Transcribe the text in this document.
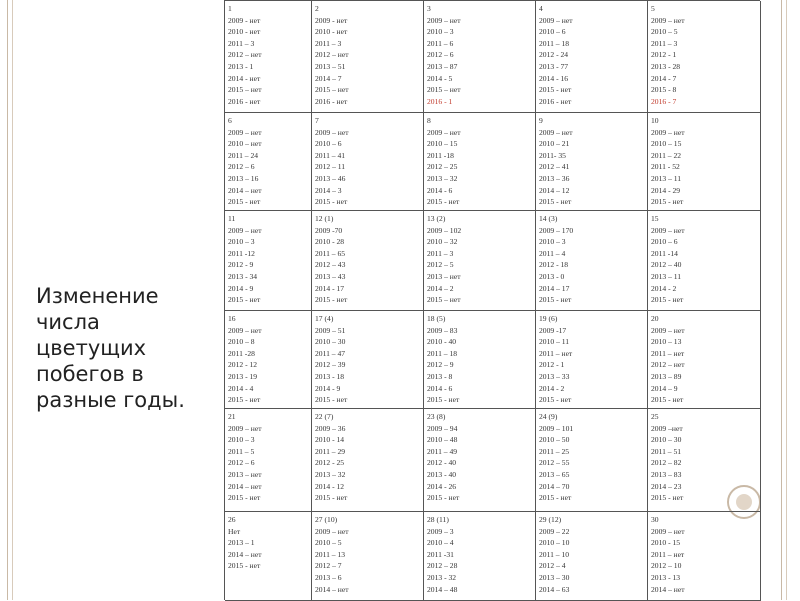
Изменение числа цветущих побегов в разные годы.
1
2009 - нет
2010 - нет
2011 – 3
2012 – нет
2013 - 1
2014 - нет
2015 – нет
2016 - нет
2
2009 - нет
2010 - нет
2011 – 3
2012 – нет
2013 – 51
2014 – 7
2015 – нет
2016 - нет
3
2009 – нет
2010 – 3
2011 – 6
2012 – 6
2013 – 87
2014 - 5
2015 – нет
2016 - 1
4
2009 – нет
2010 – 6
2011 – 18
2012 - 24
2013 - 77
2014 - 16
2015 - нет
2016 - нет
5
2009 – нет
2010 – 5
2011 – 3
2012 - 1
2013 - 28
2014 - 7
2015 - 8
2016 - 7
6
2009 – нет
2010 – нет
2011 – 24
2012 – 6
2013 – 16
2014 – нет
2015 - нет
7
2009 – нет
2010 – 6
2011 – 41
2012 – 11
2013 – 46
2014 – 3
2015 - нет
8
2009 – нет
2010 – 15
2011 -18
2012 – 25
2013 – 32
2014 - 6
2015 - нет
9
2009 – нет
2010 – 21
2011- 35
2012 – 41
2013 – 36
2014 – 12
2015 - нет
10
2009 – нет
2010 – 15
2011 – 22
2011 - 52
2013 – 11
2014 - 29
2015 - нет
11
2009 – нет
2010 – 3
2011 -12
2012 - 9
2013 - 34
2014 - 9
2015 - нет
12 (1)
2009 -70
2010 - 28
2011 – 65
2012 – 43
2013 – 43
2014 - 17
2015 - нет
13 (2)
2009 – 102
2010 – 32
2011 – 3
2012 – 5
2013 – нет
2014 – 2
2015 – нет
14 (3)
2009 – 170
2010 – 3
2011 – 4
2012 - 18
2013 - 0
2014 – 17
2015 - нет
15
2009 – нет
2010 – 6
2011 -14
2012 – 40
2013 – 11
2014 - 2
2015 - нет
16
2009 – нет
2010 – 8
2011 -28
2012 - 12
2013 - 19
2014 - 4
2015 - нет
17 (4)
2009 – 51
2010 – 30
2011 – 47
2012 – 39
2013 - 18
2014 - 9
2015 - нет
18 (5)
2009 – 83
2010 - 40
2011 – 18
2012 – 9
2013 - 8
2014 - 6
2015 - нет
19 (6)
2009 -17
2010 – 11
2011 – нет
2012 - 1
2013 – 33
2014 - 2
2015 - нет
20
2009 – нет
2010 – 13
2011 – нет
2012 – нет
2013 – 89
2014 – 9
2015 - нет
21
2009 – нет
2010 – 3
2011 – 5
2012 – 6
2013 – нет
2014 – нет
2015 - нет
22 (7)
2009 – 36
2010 - 14
2011 – 29
2012 - 25
2013 – 32
2014 - 12
2015 - нет
23 (8)
2009 – 94
2010 – 48
2011 – 49
2012 - 40
2013 - 40
2014 - 26
2015 - нет
24 (9)
2009 – 101
2010 – 50
2011 – 25
2012 – 55
2013 – 65
2014 – 70
2015 - нет
25
2009 –нет
2010 – 30
2011 – 51
2012 – 82
2013 – 83
2014 – 23
2015 - нет
26
Нет
2013 – 1
2014 – нет
2015 - нет
27 (10)
2009 – нет
2010 – 5
2011 – 13
2012 – 7
2013 – 6
2014 – нет
28 (11)
2009 – 3
2010 – 4
2011 -31
2012 – 28
2013 - 32
2014 – 48
29 (12)
2009 – 22
2010 – 10
2011 – 10
2012 – 4
2013 – 30
2014 – 63
30
2009 – нет
2010 - 15
2011 – нет
2012 – 10
2013 - 13
2014 – нет
